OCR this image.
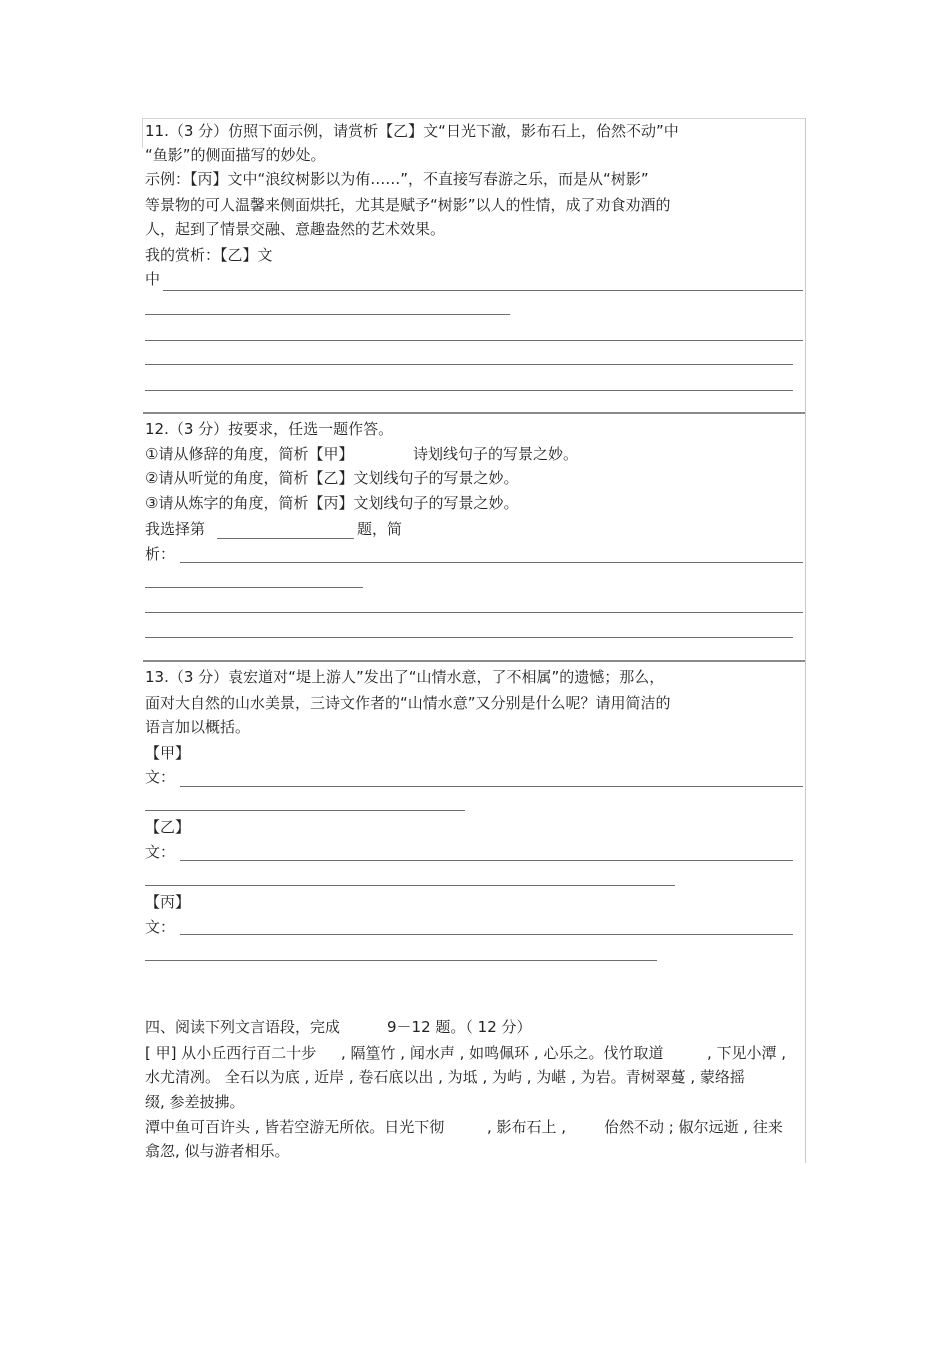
11.（3 分）仿照下面示例，请赏析【乙】文“日光下澈，影布石上，佁然不动”中
“鱼影”的侧面描写的妙处。
示例：【丙】文中“浪纹树影以为侑……”，不直接写春游之乐，而是从“树影”
等景物的可人温馨来侧面烘托，尤其是赋予“树影”以人的性情，成了劝食劝酒的
人，起到了情景交融、意趣盎然的艺术效果。
我的赏析：【乙】文
中
12.（3 分）按要求，任选一题作答。
①请从修辞的角度，简析【甲】	诗划线句子的写景之妙。
②请从听觉的角度，简析【乙】文划线句子的写景之妙。
③请从炼字的角度，简析【丙】文划线句子的写景之妙。
我选择第	题，简
析：
13.（3 分）袁宏道对“堤上游人”发出了“山情水意，了不相属”的遗憾；那么，
面对大自然的山水美景，三诗文作者的“山情水意”又分别是什么呢？请用简洁的
语言加以概括。
【甲】
文：
【乙】
文：
【丙】
文：
四、阅读下列文言语段，完成	9－12 题。（ 12 分）
[ 甲] 从小丘西行百二十步 , 隔篁竹 , 闻水声 , 如鸣佩环 , 心乐之。伐竹取道	, 下见小潭 ,
水尤清冽。 全石以为底 , 近岸 , 卷石底以出 , 为坻 , 为屿 , 为嵁 , 为岩。青树翠蔓 , 蒙络摇
缀, 参差披拂。
潭中鱼可百许头 , 皆若空游无所依。日光下彻	, 影布石上 ,	佁然不动 ; 俶尔远逝 , 往来
翕忽, 似与游者相乐。
